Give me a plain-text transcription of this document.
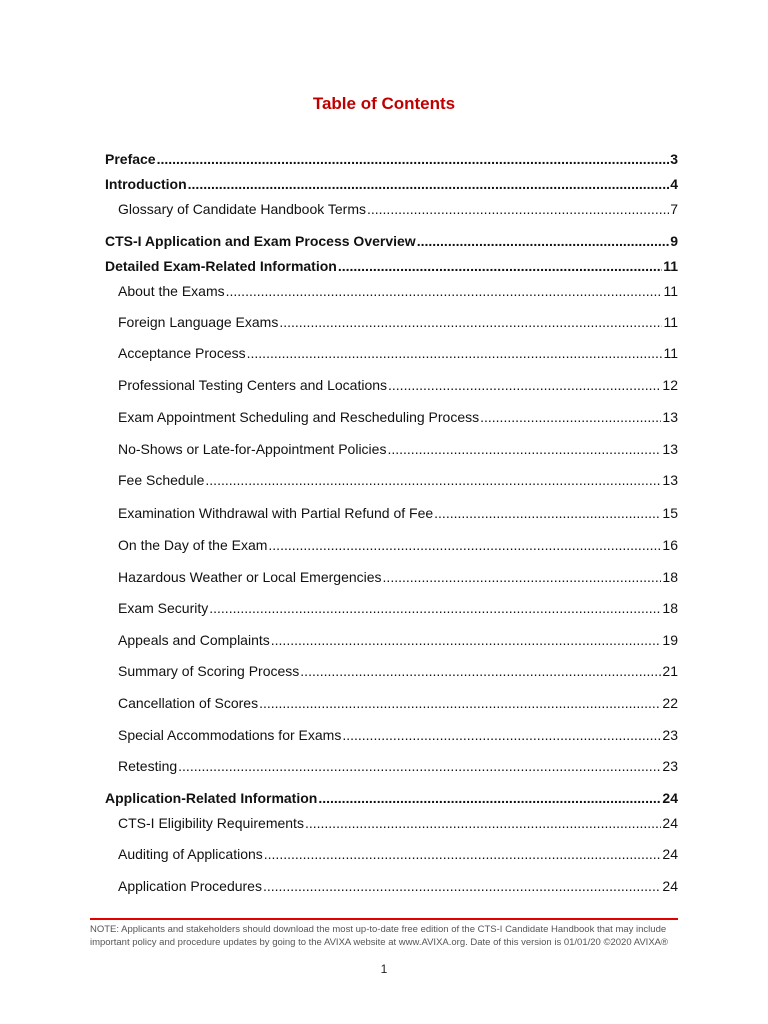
Table of Contents
Preface .....	3
Introduction .....	4
Glossary of Candidate Handbook Terms .....	7
CTS-I Application and Exam Process Overview .....	9
Detailed Exam-Related Information .....	11
About the Exams .....	11
Foreign Language Exams .....	11
Acceptance Process .....	11
Professional Testing Centers and Locations .....	12
Exam Appointment Scheduling and Rescheduling Process .....	13
No-Shows or Late-for-Appointment Policies .....	13
Fee Schedule .....	13
Examination Withdrawal with Partial Refund of Fee .....	15
On the Day of the Exam .....	16
Hazardous Weather or Local Emergencies .....	18
Exam Security .....	18
Appeals and Complaints .....	19
Summary of Scoring Process .....	21
Cancellation of Scores .....	22
Special Accommodations for Exams .....	23
Retesting .....	23
Application-Related Information .....	24
CTS-I Eligibility Requirements .....	24
Auditing of Applications .....	24
Application Procedures .....	24

NOTE: Applicants and stakeholders should download the most up-to-date free edition of the CTS-I Candidate Handbook that may include important policy and procedure updates by going to the AVIXA website at www.AVIXA.org. Date of this version is 01/01/20 ©2020 AVIXA®

1
